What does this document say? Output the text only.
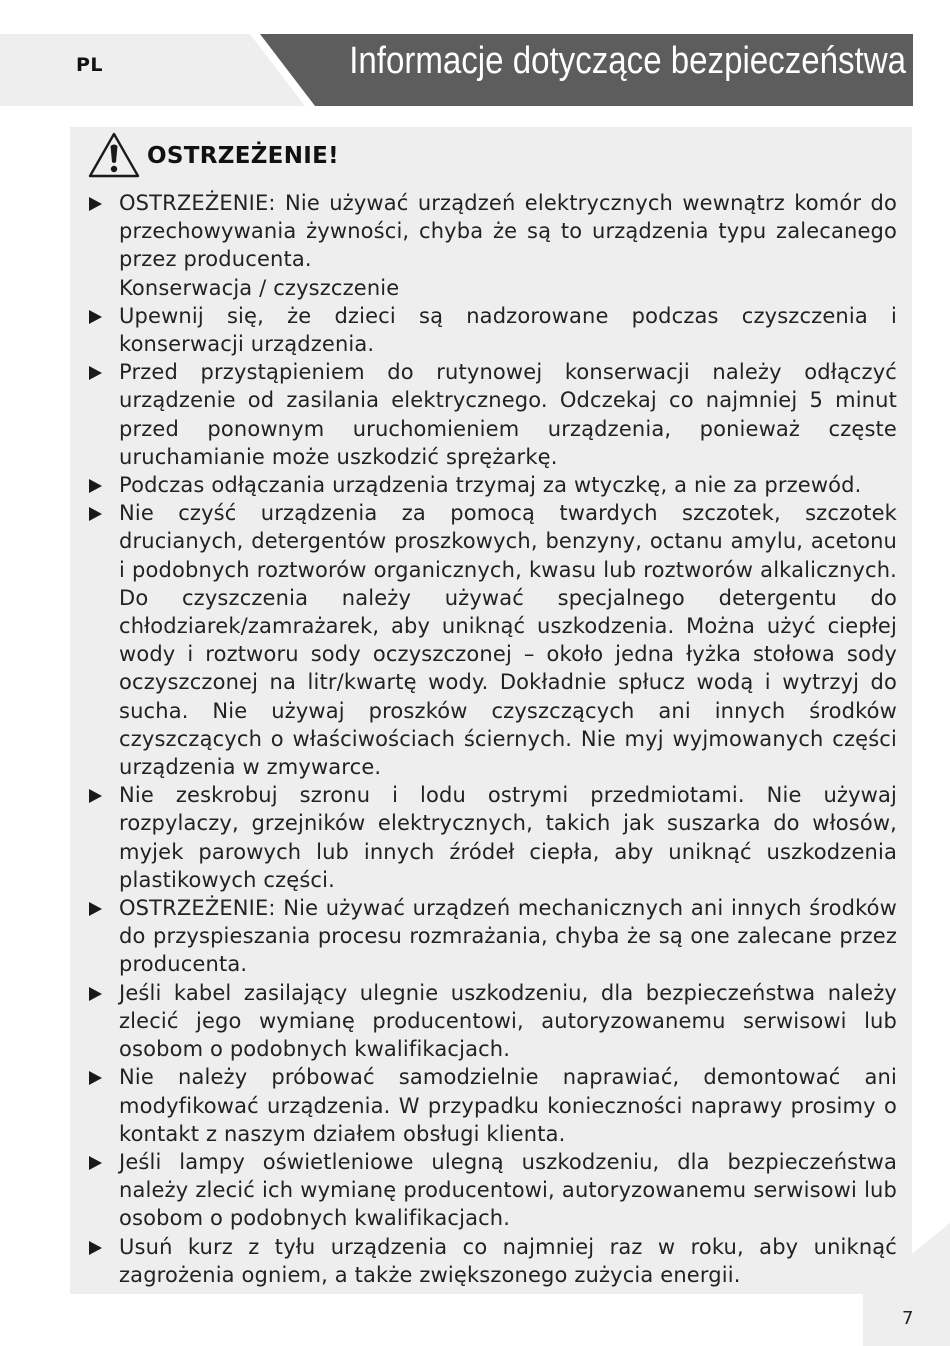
PL	Informacje dotyczące bezpieczeństwa
OSTRZEŻENIE!
OSTRZEŻENIE: Nie używać urządzeń elektrycznych wewnątrz komór do przechowywania żywności, chyba że są to urządzenia typu zalecanego przez producenta.
Konserwacja / czyszczenie
Upewnij się, że dzieci są nadzorowane podczas czyszczenia i konserwacji urządzenia.
Przed przystąpieniem do rutynowej konserwacji należy odłączyć urządzenie od zasilania elektrycznego. Odczekaj co najmniej 5 minut przed ponownym uruchomieniem urządzenia, ponieważ częste uruchamianie może uszkodzić sprężarkę.
Podczas odłączania urządzenia trzymaj za wtyczkę, a nie za przewód.
Nie czyść urządzenia za pomocą twardych szczotek, szczotek drucianych, detergentów proszkowych, benzyny, octanu amylu, acetonu i podobnych roztworów organicznych, kwasu lub roztworów alkalicznych. Do czyszczenia należy używać specjalnego detergentu do chłodziarek/zamrażarek, aby uniknąć uszkodzenia. Można użyć ciepłej wody i roztworu sody oczyszczonej – około jedna łyżka stołowa sody oczyszczonej na litr/kwartę wody. Dokładnie spłucz wodą i wytrzyj do sucha. Nie używaj proszków czyszczących ani innych środków czyszczących o właściwościach ściernych. Nie myj wyjmowanych części urządzenia w zmywarce.
Nie zeskrobuj szronu i lodu ostrymi przedmiotami. Nie używaj rozpylaczy, grzejników elektrycznych, takich jak suszarka do włosów, myjek parowych lub innych źródeł ciepła, aby uniknąć uszkodzenia plastikowych części.
OSTRZEŻENIE: Nie używać urządzeń mechanicznych ani innych środków do przyspieszania procesu rozmrażania, chyba że są one zalecane przez producenta.
Jeśli kabel zasilający ulegnie uszkodzeniu, dla bezpieczeństwa należy zlecić jego wymianę producentowi, autoryzowanemu serwisowi lub osobom o podobnych kwalifikacjach.
Nie należy próbować samodzielnie naprawiać, demontować ani modyfikować urządzenia. W przypadku konieczności naprawy prosimy o kontakt z naszym działem obsługi klienta.
Jeśli lampy oświetleniowe ulegną uszkodzeniu, dla bezpieczeństwa należy zlecić ich wymianę producentowi, autoryzowanemu serwisowi lub osobom o podobnych kwalifikacjach.
Usuń kurz z tyłu urządzenia co najmniej raz w roku, aby uniknąć zagrożenia ogniem, a także zwiększonego zużycia energii.
7
